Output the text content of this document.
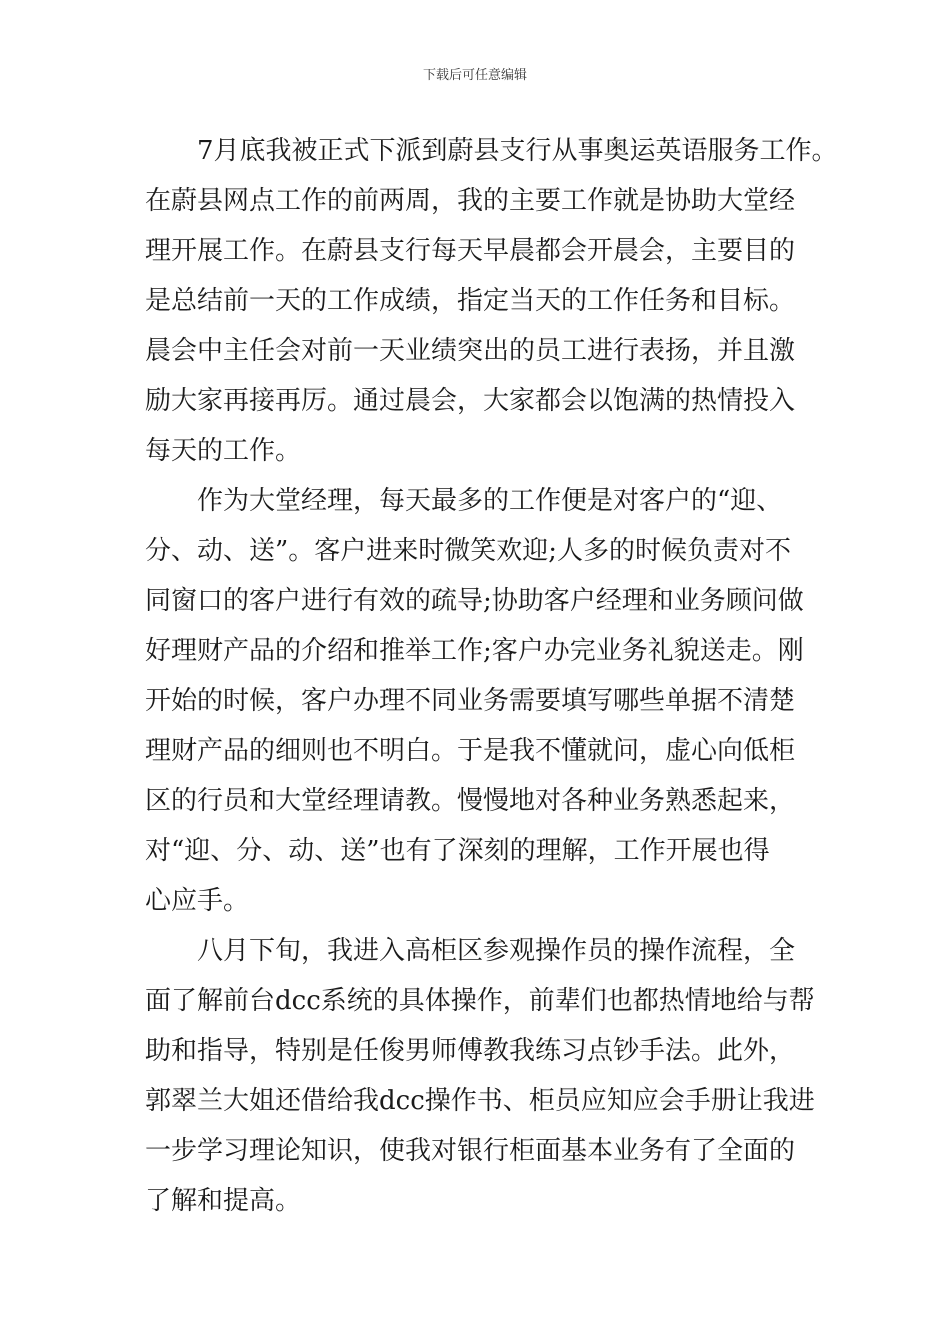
下载后可任意编辑
7月底我被正式下派到蔚县支行从事奥运英语服务工作。
在蔚县网点工作的前两周，我的主要工作就是协助大堂经
理开展工作。在蔚县支行每天早晨都会开晨会，主要目的
是总结前一天的工作成绩，指定当天的工作任务和目标。
晨会中主任会对前一天业绩突出的员工进行表扬，并且激
励大家再接再厉。通过晨会，大家都会以饱满的热情投入
每天的工作。
作为大堂经理，每天最多的工作便是对客户的“迎、
分、动、送”。客户进来时微笑欢迎;人多的时候负责对不
同窗口的客户进行有效的疏导;协助客户经理和业务顾问做
好理财产品的介绍和推举工作;客户办完业务礼貌送走。刚
开始的时候，客户办理不同业务需要填写哪些单据不清楚
理财产品的细则也不明白。于是我不懂就问，虚心向低柜
区的行员和大堂经理请教。慢慢地对各种业务熟悉起来，
对“迎、分、动、送”也有了深刻的理解，工作开展也得
心应手。
八月下旬，我进入高柜区参观操作员的操作流程，全
面了解前台dcc系统的具体操作，前辈们也都热情地给与帮
助和指导，特别是任俊男师傅教我练习点钞手法。此外，
郭翠兰大姐还借给我dcc操作书、柜员应知应会手册让我进
一步学习理论知识，使我对银行柜面基本业务有了全面的
了解和提高。
